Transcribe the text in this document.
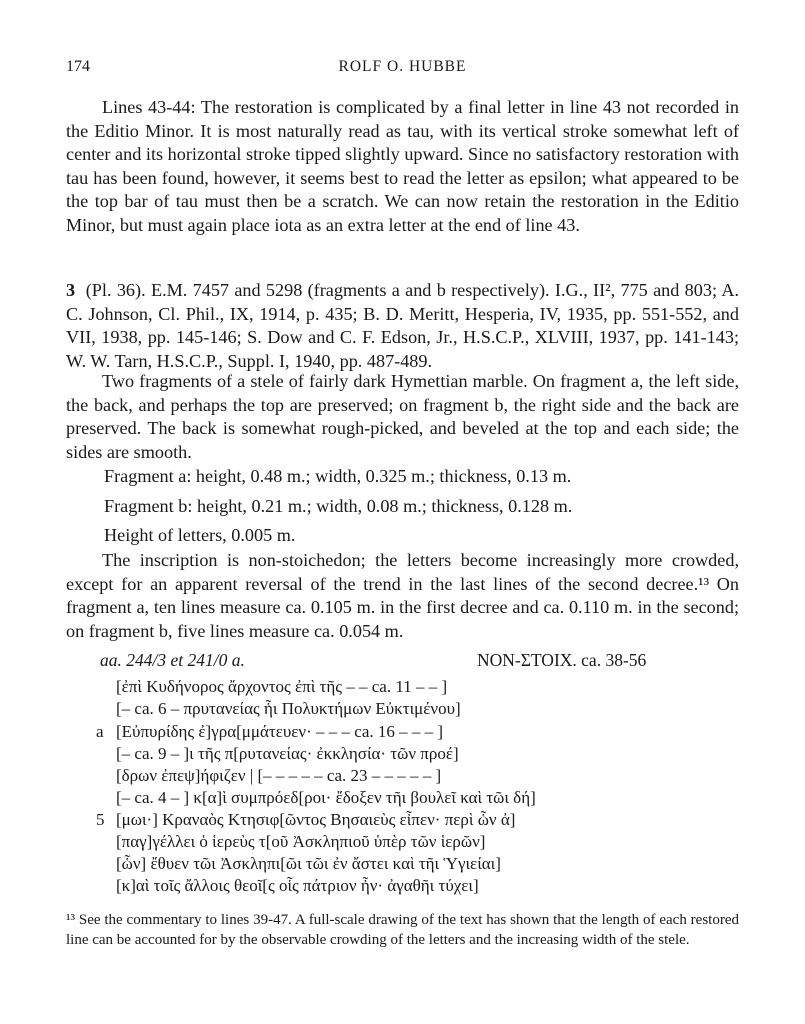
174	ROLF O. HUBBE

Lines 43-44: The restoration is complicated by a final letter in line 43 not recorded in the Editio Minor. It is most naturally read as tau, with its vertical stroke somewhat left of center and its horizontal stroke tipped slightly upward. Since no satisfactory restoration with tau has been found, however, it seems best to read the letter as epsilon; what appeared to be the top bar of tau must then be a scratch. We can now retain the restoration in the Editio Minor, but must again place iota as an extra letter at the end of line 43.

3 (Pl. 36). E.M. 7457 and 5298 (fragments a and b respectively). I.G., II², 775 and 803; A. C. Johnson, Cl. Phil., IX, 1914, p. 435; B. D. Meritt, Hesperia, IV, 1935, pp. 551-552, and VII, 1938, pp. 145-146; S. Dow and C. F. Edson, Jr., H.S.C.P., XLVIII, 1937, pp. 141-143; W. W. Tarn, H.S.C.P., Suppl. I, 1940, pp. 487-489.

Two fragments of a stele of fairly dark Hymettian marble. On fragment a, the left side, the back, and perhaps the top are preserved; on fragment b, the right side and the back are preserved. The back is somewhat rough-picked, and beveled at the top and each side; the sides are smooth.

Fragment a: height, 0.48 m.; width, 0.325 m.; thickness, 0.13 m.
Fragment b: height, 0.21 m.; width, 0.08 m.; thickness, 0.128 m.
Height of letters, 0.005 m.

The inscription is non-stoichedon; the letters become increasingly more crowded, except for an apparent reversal of the trend in the last lines of the second decree.¹³ On fragment a, ten lines measure ca. 0.105 m. in the first decree and ca. 0.110 m. in the second; on fragment b, five lines measure ca. 0.054 m.

aa. 244/3 et 241/0 a.	NON-ΣΤΟΙΧ. ca. 38-56
a
5
[ἐπὶ Κυδήνορος ἄρχοντος ἐπὶ τῆς – – ca. 11 – – ]
[– ca. 6 – πρυτανείας ἧι Πολυκτήμων Εὐκτιμένου]
[Εὐπυρίδης ἐ]γρα[μμάτευεν· – – – ca. 16 – – – ]
[– ca. 9 – ]ι τῆς π[ρυτανείας· ἐκκλησία· τῶν προέ]
[δρων ἐπεψ]ήφιζεν | [– – – – – ca. 23 – – – – – ]
[– ca. 4 – ] κ[α]ὶ συμπρόεδ[ροι· ἔδοξεν τῆι βουλεῖ καὶ τῶι δή]
[μωι·] Κραναὸς Κτησιφ[ῶντος Βησαιεὺς εἶπεν· περὶ ὧν ἀ]
[παγ]γέλλει ὁ ἱερεὺς τ[οῦ Ἀσκληπιοῦ ὑπὲρ τῶν ἱερῶν]
[ὧν] ἔθυεν τῶι Ἀσκληπι[ῶι τῶι ἐν ἄστει καὶ τῆι Ὑγιείαι]
[κ]αὶ τοῖς ἄλλοις θεοῖ[ς οἷς πάτριον ἦν· ἀγαθῆι τύχει]
¹³ See the commentary to lines 39-47. A full-scale drawing of the text has shown that the length of each restored line can be accounted for by the observable crowding of the letters and the increasing width of the stele.
